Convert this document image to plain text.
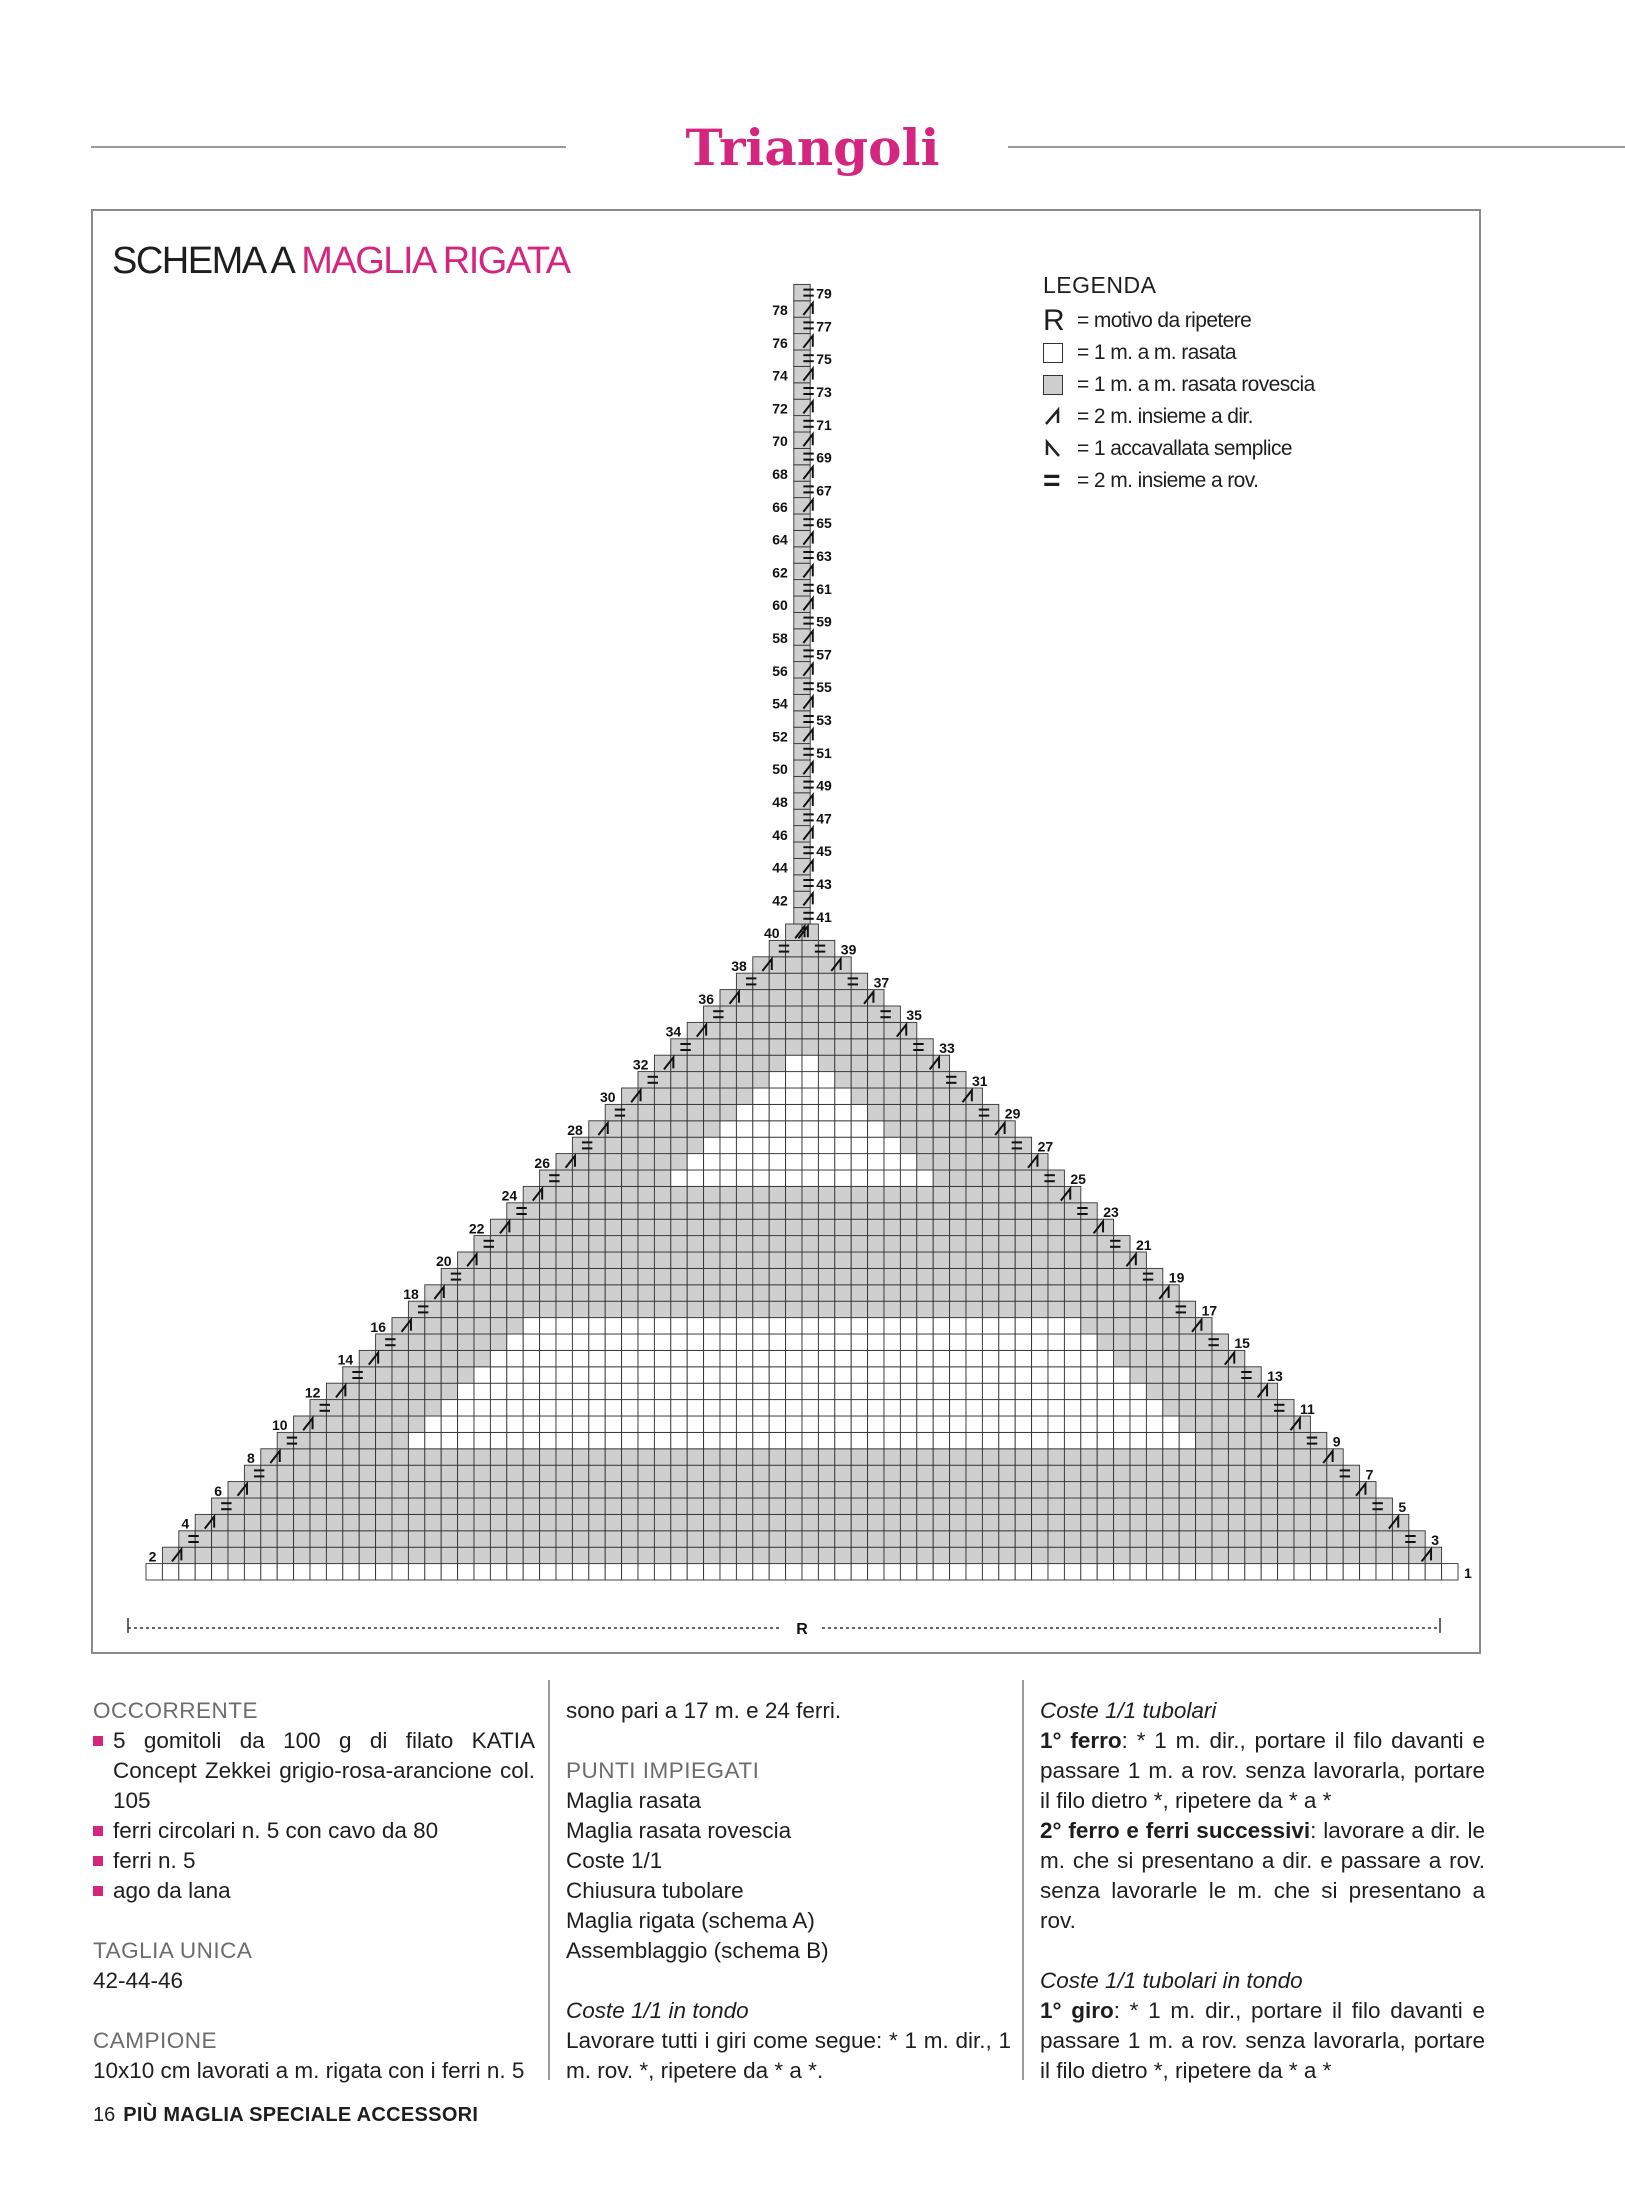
Triangoli
SCHEMA A MAGLIA RIGATA
1
3
5
7
9
11
13
15
17
19
21
23
25
27
29
31
33
35
37
39
41
43
45
47
49
51
53
55
57
59
61
63
65
67
69
71
73
75
77
79
2
4
6
8
10
12
14
16
18
20
22
24
26
28
30
32
34
36
38
40
42
44
46
48
50
52
54
56
58
60
62
64
66
68
70
72
74
76
78
R
LEGENDA
R = motivo da ripetere
= 1 m. a m. rasata
= 1 m. a m. rasata rovescia
= 2 m. insieme a dir.
= 1 accavallata semplice
= = 2 m. insieme a rov.
OCCORRENTE
5 gomitoli da 100 g di filato KATIA Concept Zekkei grigio-rosa-arancione col. 105
ferri circolari n. 5 con cavo da 80
ferri n. 5
ago da lana
TAGLIA UNICA
42-44-46
CAMPIONE
10x10 cm lavorati a m. rigata con i ferri n. 5
sono pari a 17 m. e 24 ferri.
PUNTI IMPIEGATI
Maglia rasata
Maglia rasata rovescia
Coste 1/1
Chiusura tubolare
Maglia rigata (schema A)
Assemblaggio (schema B)
Coste 1/1 in tondo
Lavorare tutti i giri come segue: * 1 m. dir., 1 m. rov. *, ripetere da * a *.
Coste 1/1 tubolari
1° ferro: * 1 m. dir., portare il filo davanti e passare 1 m. a rov. senza lavorarla, portare il filo dietro *, ripetere da * a *
2° ferro e ferri successivi: lavorare a dir. le m. che si presentano a dir. e passare a rov. senza lavorarle le m. che si presentano a rov.
Coste 1/1 tubolari in tondo
1° giro: * 1 m. dir., portare il filo davanti e passare 1 m. a rov. senza lavorarla, portare il filo dietro *, ripetere da * a *
16 PIÙ MAGLIA SPECIALE ACCESSORI
